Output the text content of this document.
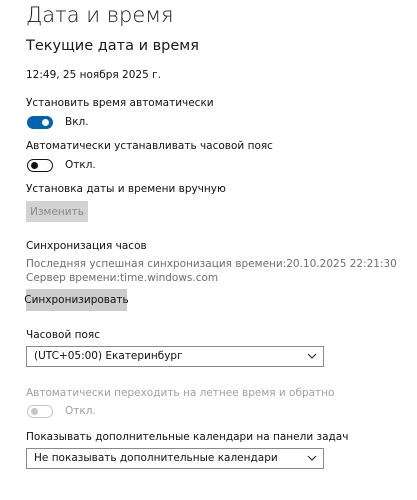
Дата и время
Текущие дата и время
12:49, 25 ноября 2025 г.
Установить время автоматически
Вкл.
Автоматически устанавливать часовой пояс
Откл.
Установка даты и времени вручную
Изменить
Синхронизация часов
Последняя успешная синхронизация времени:20.10.2025 22:21:30
Сервер времени:time.windows.com
Синхронизировать
Часовой пояс
(UTC+05:00) Екатеринбург
Автоматически переходить на летнее время и обратно
Откл.
Показывать дополнительные календари на панели задач
Не показывать дополнительные календари
